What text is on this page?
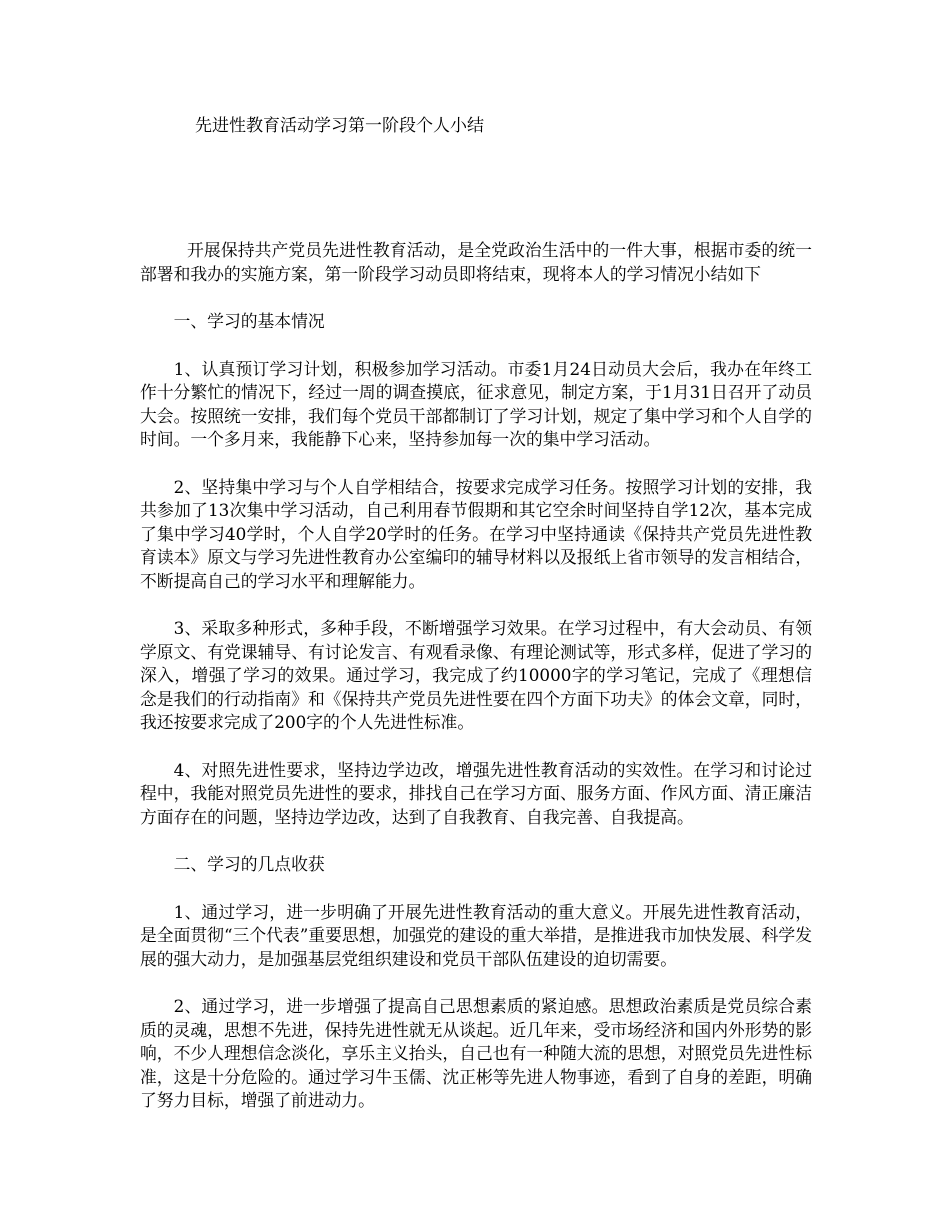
先进性教育活动学习第一阶段个人小结

开展保持共产党员先进性教育活动，是全党政治生活中的一件大事，根据市委的统一部署和我办的实施方案，第一阶段学习动员即将结束，现将本人的学习情况小结如下

一、学习的基本情况

1、认真预订学习计划，积极参加学习活动。市委1月24日动员大会后，我办在年终工作十分繁忙的情况下，经过一周的调查摸底，征求意见，制定方案，于1月31日召开了动员大会。按照统一安排，我们每个党员干部都制订了学习计划，规定了集中学习和个人自学的时间。一个多月来，我能静下心来，坚持参加每一次的集中学习活动。

2、坚持集中学习与个人自学相结合，按要求完成学习任务。按照学习计划的安排，我共参加了13次集中学习活动，自己利用春节假期和其它空余时间坚持自学12次，基本完成了集中学习40学时，个人自学20学时的任务。在学习中坚持通读《保持共产党员先进性教育读本》原文与学习先进性教育办公室编印的辅导材料以及报纸上省市领导的发言相结合，不断提高自己的学习水平和理解能力。

3、采取多种形式，多种手段，不断增强学习效果。在学习过程中，有大会动员、有领学原文、有党课辅导、有讨论发言、有观看录像、有理论测试等，形式多样，促进了学习的深入，增强了学习的效果。通过学习，我完成了约10000字的学习笔记，完成了《理想信念是我们的行动指南》和《保持共产党员先进性要在四个方面下功夫》的体会文章，同时，我还按要求完成了200字的个人先进性标准。

4、对照先进性要求，坚持边学边改，增强先进性教育活动的实效性。在学习和讨论过程中，我能对照党员先进性的要求，排找自己在学习方面、服务方面、作风方面、清正廉洁方面存在的问题，坚持边学边改，达到了自我教育、自我完善、自我提高。

二、学习的几点收获

1、通过学习，进一步明确了开展先进性教育活动的重大意义。开展先进性教育活动，是全面贯彻“三个代表”重要思想，加强党的建设的重大举措，是推进我市加快发展、科学发展的强大动力，是加强基层党组织建设和党员干部队伍建设的迫切需要。

2、通过学习，进一步增强了提高自己思想素质的紧迫感。思想政治素质是党员综合素质的灵魂，思想不先进，保持先进性就无从谈起。近几年来，受市场经济和国内外形势的影响，不少人理想信念淡化，享乐主义抬头，自己也有一种随大流的思想，对照党员先进性标准，这是十分危险的。通过学习牛玉儒、沈正彬等先进人物事迹，看到了自身的差距，明确了努力目标，增强了前进动力。
